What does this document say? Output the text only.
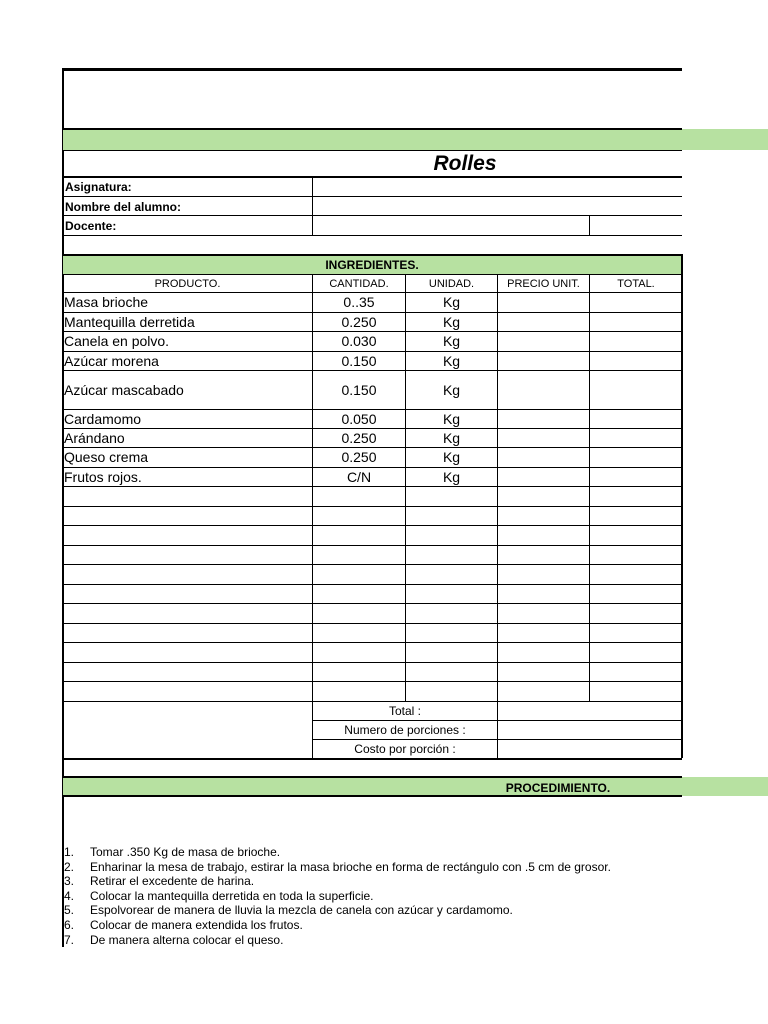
Rolles
Asignatura:
Nombre del alumno:
Docente:
INGREDIENTES.
PRODUCTO.	CANTIDAD.	UNIDAD.	PRECIO UNIT.	TOTAL.
Masa brioche	0..35	Kg
Mantequilla derretida	0.250	Kg
Canela en polvo.	0.030	Kg
Azúcar morena	0.150	Kg
Azúcar mascabado	0.150	Kg
Cardamomo	0.050	Kg
Arándano	0.250	Kg
Queso crema	0.250	Kg
Frutos rojos.	C/N	Kg
Total :
Numero de porciones :
Costo por porción :
PROCEDIMIENTO.
1. Tomar .350 Kg de masa de brioche.
2. Enharinar la mesa de trabajo, estirar la masa brioche en forma de rectángulo con .5 cm de grosor.
3. Retirar el excedente de harina.
4. Colocar la mantequilla derretida en toda la superficie.
5. Espolvorear de manera de lluvia la mezcla de canela con azúcar y cardamomo.
6. Colocar de manera extendida los frutos.
7. De manera alterna colocar el queso.
